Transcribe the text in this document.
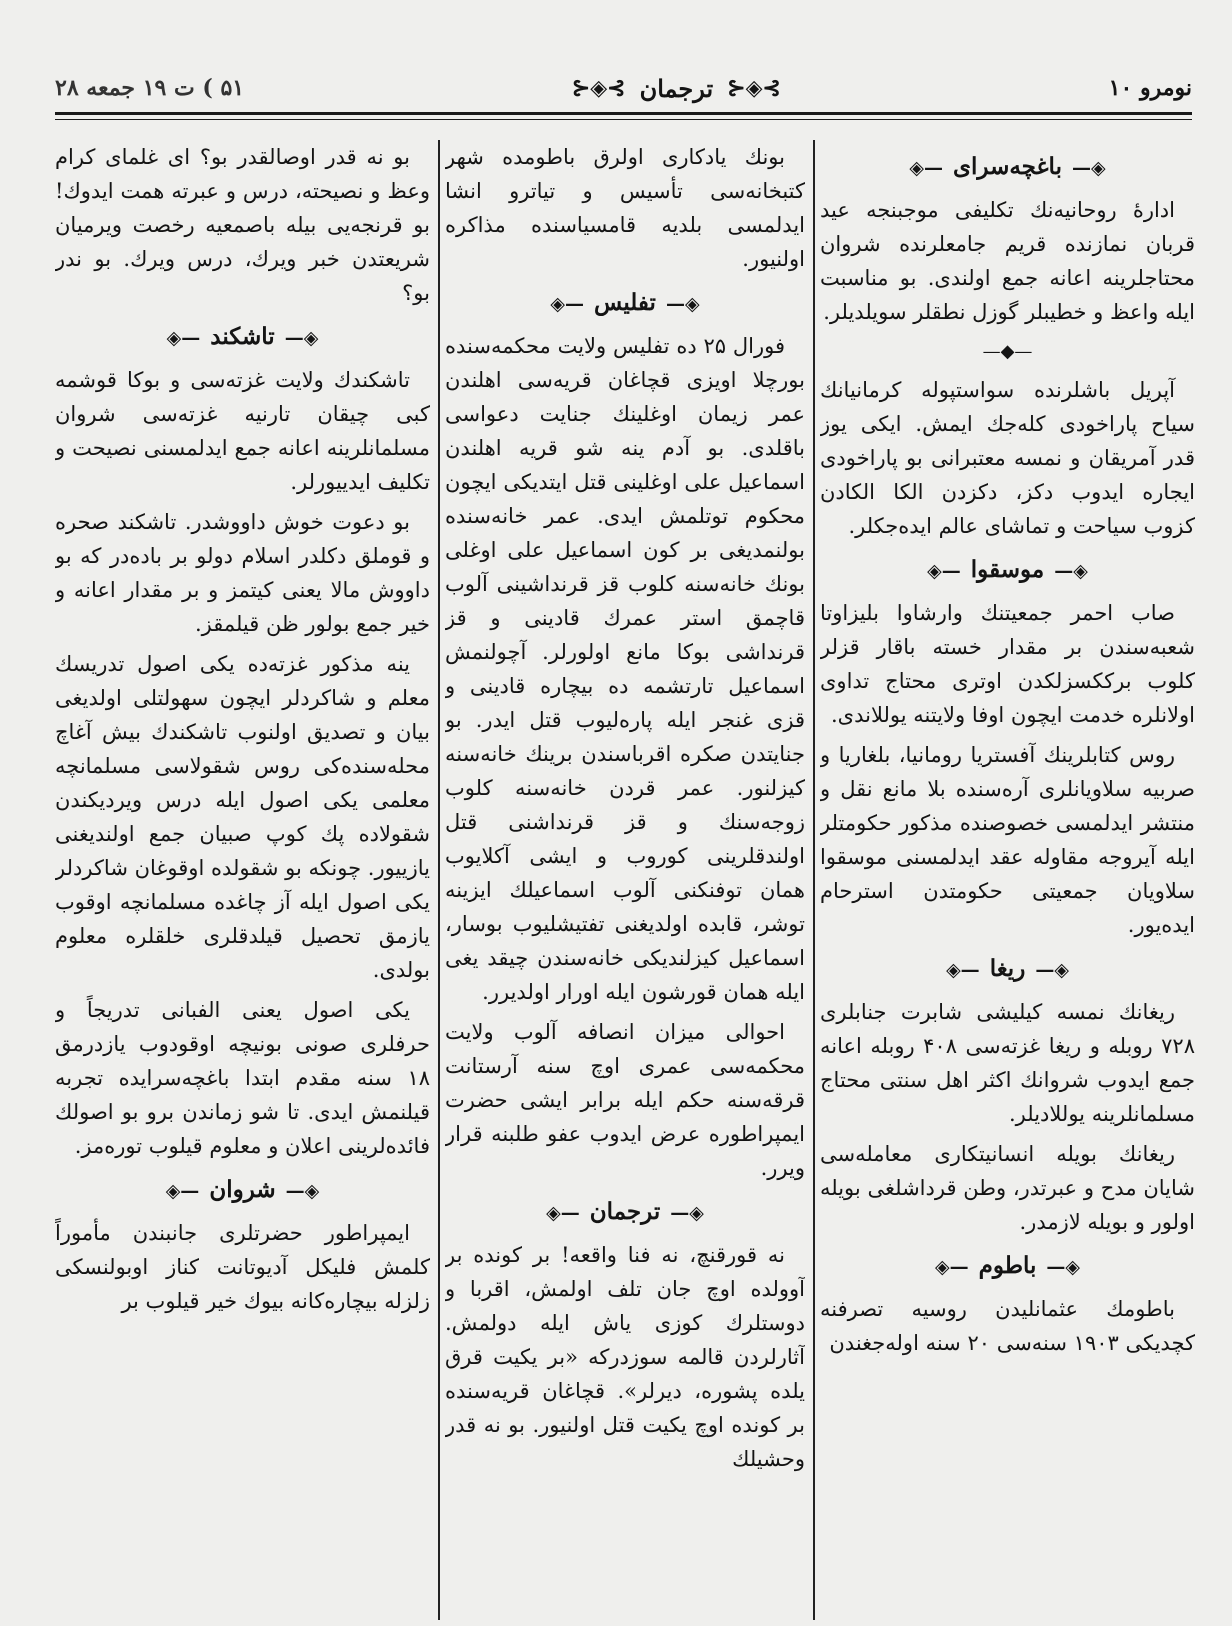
نومرو ۱۰
⊱◈⊰
ترجمان
⊱◈⊰
۵۱ ) ت ۱۹ جمعه ۲۸
◈—باغچه‌سرای—◈

ادارۀ روحانیه‌نك تكلیفی موجبنجه عید قربان نمازنده قریم جامعلرنده شروان محتاجلرینه اعانه جمع اولندی. بو مناسبت ایله واعظ و خطیبلر گوزل نطقلر سویلدیلر.

—◆—

آپریل باشلرنده سواستپوله كرمانیانك سیاح پاراخودی كله‌جك ایمش. ایكی یوز قدر آمریقان و نمسه معتبرانی بو پاراخودی ایجاره ایدوب دكز، دكزدن الكا الكادن كزوب سیاحت و تماشای عالم ایده‌جكلر.

◈—موسقوا—◈

صاب احمر جمعیتنك وارشاوا بلیزاوتا شعبه‌سندن بر مقدار خسته باقار قزلر كلوب برككسزلكدن اوتری محتاج تداوی اولانلره خدمت ایچون اوفا ولایتنه یوللاندی.

روس كتابلرینك آفستریا رومانیا، بلغاریا و صربیه سلاویانلری آره‌سنده بلا مانع نقل و منتشر ایدلمسی خصوصنده مذكور حكومتلر ایله آیروجه مقاوله عقد ایدلمسنی موسقوا سلاویان جمعیتی حكومتدن استرحام ایده‌یور.

◈—ریغا—◈

ریغانك نمسه كیلیشی شابرت جنابلری ۷۲۸ روبله و ریغا غزته‌سی ۴۰۸ روبله اعانه جمع ایدوب شروانك اكثر اهل سنتی محتاج مسلمانلرینه یوللادیلر.

ریغانك بویله انسانیتكاری معامله‌سی شایان مدح و عبرتدر، وطن قرداشلغی بویله اولور و بویله لازمدر.

◈—باطوم—◈

باطومك عثمانلیدن روسیه تصرفنه كچدیكی ۱۹۰۳ سنه‌سی ۲۰ سنه اوله‌جغندن

بونك یادكاری اولرق باطومده شهر كتبخانه‌سی تأسیس و تیاترو انشا ایدلمسی بلدیه قامسیاسنده مذاكره اولنیور.

◈—تفلیس—◈

فورال ۲۵ ده تفلیس ولایت محكمه‌سنده بورچلا اویزی قچاغان قریه‌سی اهلندن عمر زیمان اوغلینك جنایت دعواسی باقلدی. بو آدم ینه شو قریه اهلندن اسماعیل علی اوغلینی قتل ایتدیكی ایچون محكوم توتلمش ایدی. عمر خانه‌سنده بولنمدیغی بر كون اسماعیل علی اوغلی بونك خانه‌سنه كلوب قز قرنداشینی آلوب قاچمق استر عمرك قادینی و قز قرنداشی بوكا مانع اولورلر. آچولنمش اسماعیل تارتشمه ده بیچاره قادینی و قزی غنجر ایله پاره‌لیوب قتل ایدر. بو جنایتدن صكره اقرباسندن برینك خانه‌سنه كیزلنور. عمر قردن خانه‌سنه كلوب زوجه‌سنك و قز قرنداشنی قتل اولندقلرینی كوروب و ایشی آكلایوب همان توفنكنی آلوب اسماعیلك ایزینه توشر، قابده اولدیغنی تفتیشلیوب بوسار، اسماعیل كیزلندیكی خانه‌سندن چیقد یغی ایله همان قورشون ایله اورار اولدیرر.

احوالی میزان انصافه آلوب ولایت محكمه‌سی عمری اوچ سنه آرستانت قرقه‌سنه حكم ایله برابر ایشی حضرت ایمپراطوره عرض ایدوب عفو طلبنه قرار ویرر.

◈—ترجمان—◈

نه قورقنچ، نه فنا واقعه! بر كونده بر آوولده اوچ جان تلف اولمش، اقربا و دوستلرك كوزی یاش ایله دولمش. آثارلردن قالمه سوزدركه «بر یكیت قرق یلده پشوره، دیرلر». قچاغان قریه‌سنده بر كونده اوچ یكیت قتل اولنیور. بو نه قدر وحشیلك

بو نه قدر اوصالقدر بو؟ ای غلمای كرام وعظ و نصیحته، درس و عبرته همت ایدوك! بو قرنجه‌یی بیله باصمعیه رخصت ویرمیان شریعتدن خبر ویرك، درس ویرك. بو ندر بو؟

◈—تاشكند—◈

تاشكندك ولایت غزته‌سی و بوكا قوشمه كبی چیقان تارنیه غزته‌سی شروان مسلمانلرینه اعانه جمع ایدلمسنی نصیحت و تكلیف ایدییورلر.

بو دعوت خوش داووشدر. تاشكند صحره و قوملق دكلدر اسلام دولو بر باده‌در كه بو داووش مالا یعنی كیتمز و بر مقدار اعانه و خیر جمع بولور ظن قیلمقز.

ینه مذكور غزته‌ده یكی اصول تدریسك معلم و شاكردلر ایچون سهولتلی اولدیغی بیان و تصدیق اولنوب تاشكندك بیش آغاچ محله‌سنده‌كی روس شقولاسی مسلمانچه معلمی یكی اصول ایله درس ویردیكندن شقولاده پك كوپ صبیان جمع اولندیغنی یازییور. چونكه بو شقولده اوقوغان شاكردلر یكی اصول ایله آز چاغده مسلمانچه اوقوب یازمق تحصیل قیلدقلری خلقلره معلوم بولدی.

یكی اصول یعنی الفبانی تدریجاً و حرفلری صونی بونیچه اوقودوب یازدرمق ۱۸ سنه مقدم ابتدا باغچه‌سرایده تجربه قیلنمش ایدی. تا شو زماندن برو بو اصولك فائده‌لرینی اعلان و معلوم قیلوب توره‌مز.

◈—شروان—◈

ایمپراطور حضرتلری جانبندن مأموراً كلمش فلیكل آدیوتانت كناز اوبولنسكی زلزله بیچاره‌كانه بیوك خیر قیلوب بر
